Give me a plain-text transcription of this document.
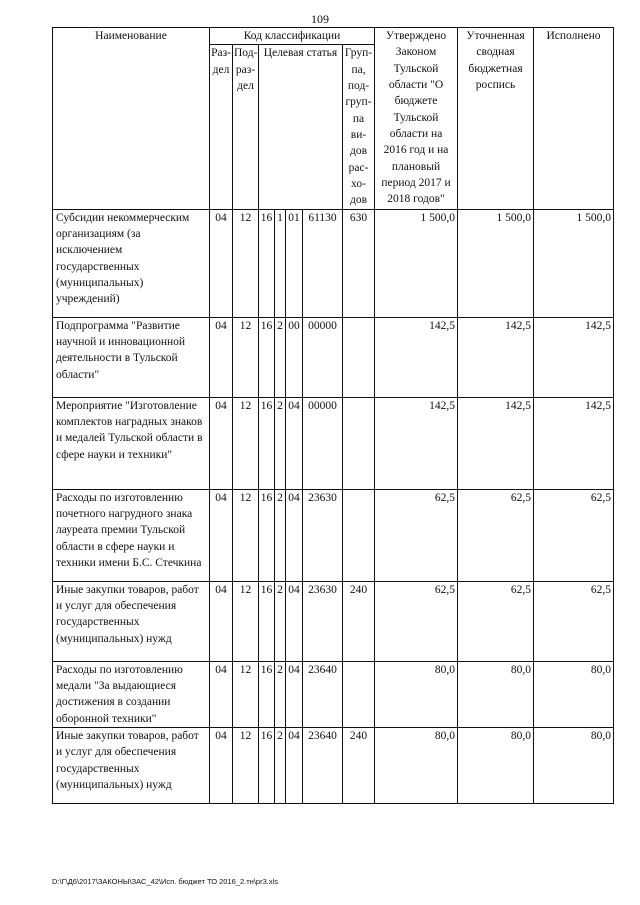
109
Наименование	Код классификации							Утверждено Законом Тульской области "О бюджете Тульской области на 2016 год и на плановый период 2017 и 2018 годов"	Уточненная сводная бюджетная роспись	Исполнено
	Раз-дел	Под-раз-дел	Целевая статья				Груп-па, под-груп-па ви-дов рас-хо-дов			
Субсидии некоммерческим организациям (за исключением государственных (муниципальных) учреждений)	04	12	16	1	01	61130	630	1 500,0	1 500,0	1 500,0
Подпрограмма "Развитие научной и инновационной деятельности в Тульской области"	04	12	16	2	00	00000		142,5	142,5	142,5
Мероприятие "Изготовление комплектов наградных знаков и медалей Тульской области в сфере науки и техники"	04	12	16	2	04	00000		142,5	142,5	142,5
Расходы по изготовлению почетного нагрудного знака лауреата премии Тульской области в сфере науки и техники имени Б.С. Стечкина	04	12	16	2	04	23630		62,5	62,5	62,5
Иные закупки товаров, работ и услуг для обеспечения государственных (муниципальных) нужд	04	12	16	2	04	23630	240	62,5	62,5	62,5
Расходы по изготовлению медали "За выдающиеся достижения в создании оборонной техники"	04	12	16	2	04	23640		80,0	80,0	80,0
Иные закупки товаров, работ и услуг для обеспечения государственных (муниципальных) нужд	04	12	16	2	04	23640	240	80,0	80,0	80,0
D:\Г\Д6\2017\ЗАКОНЫ\ЗАС_42\Исп. бюджет ТО 2016_2.тн\pr3.xls
